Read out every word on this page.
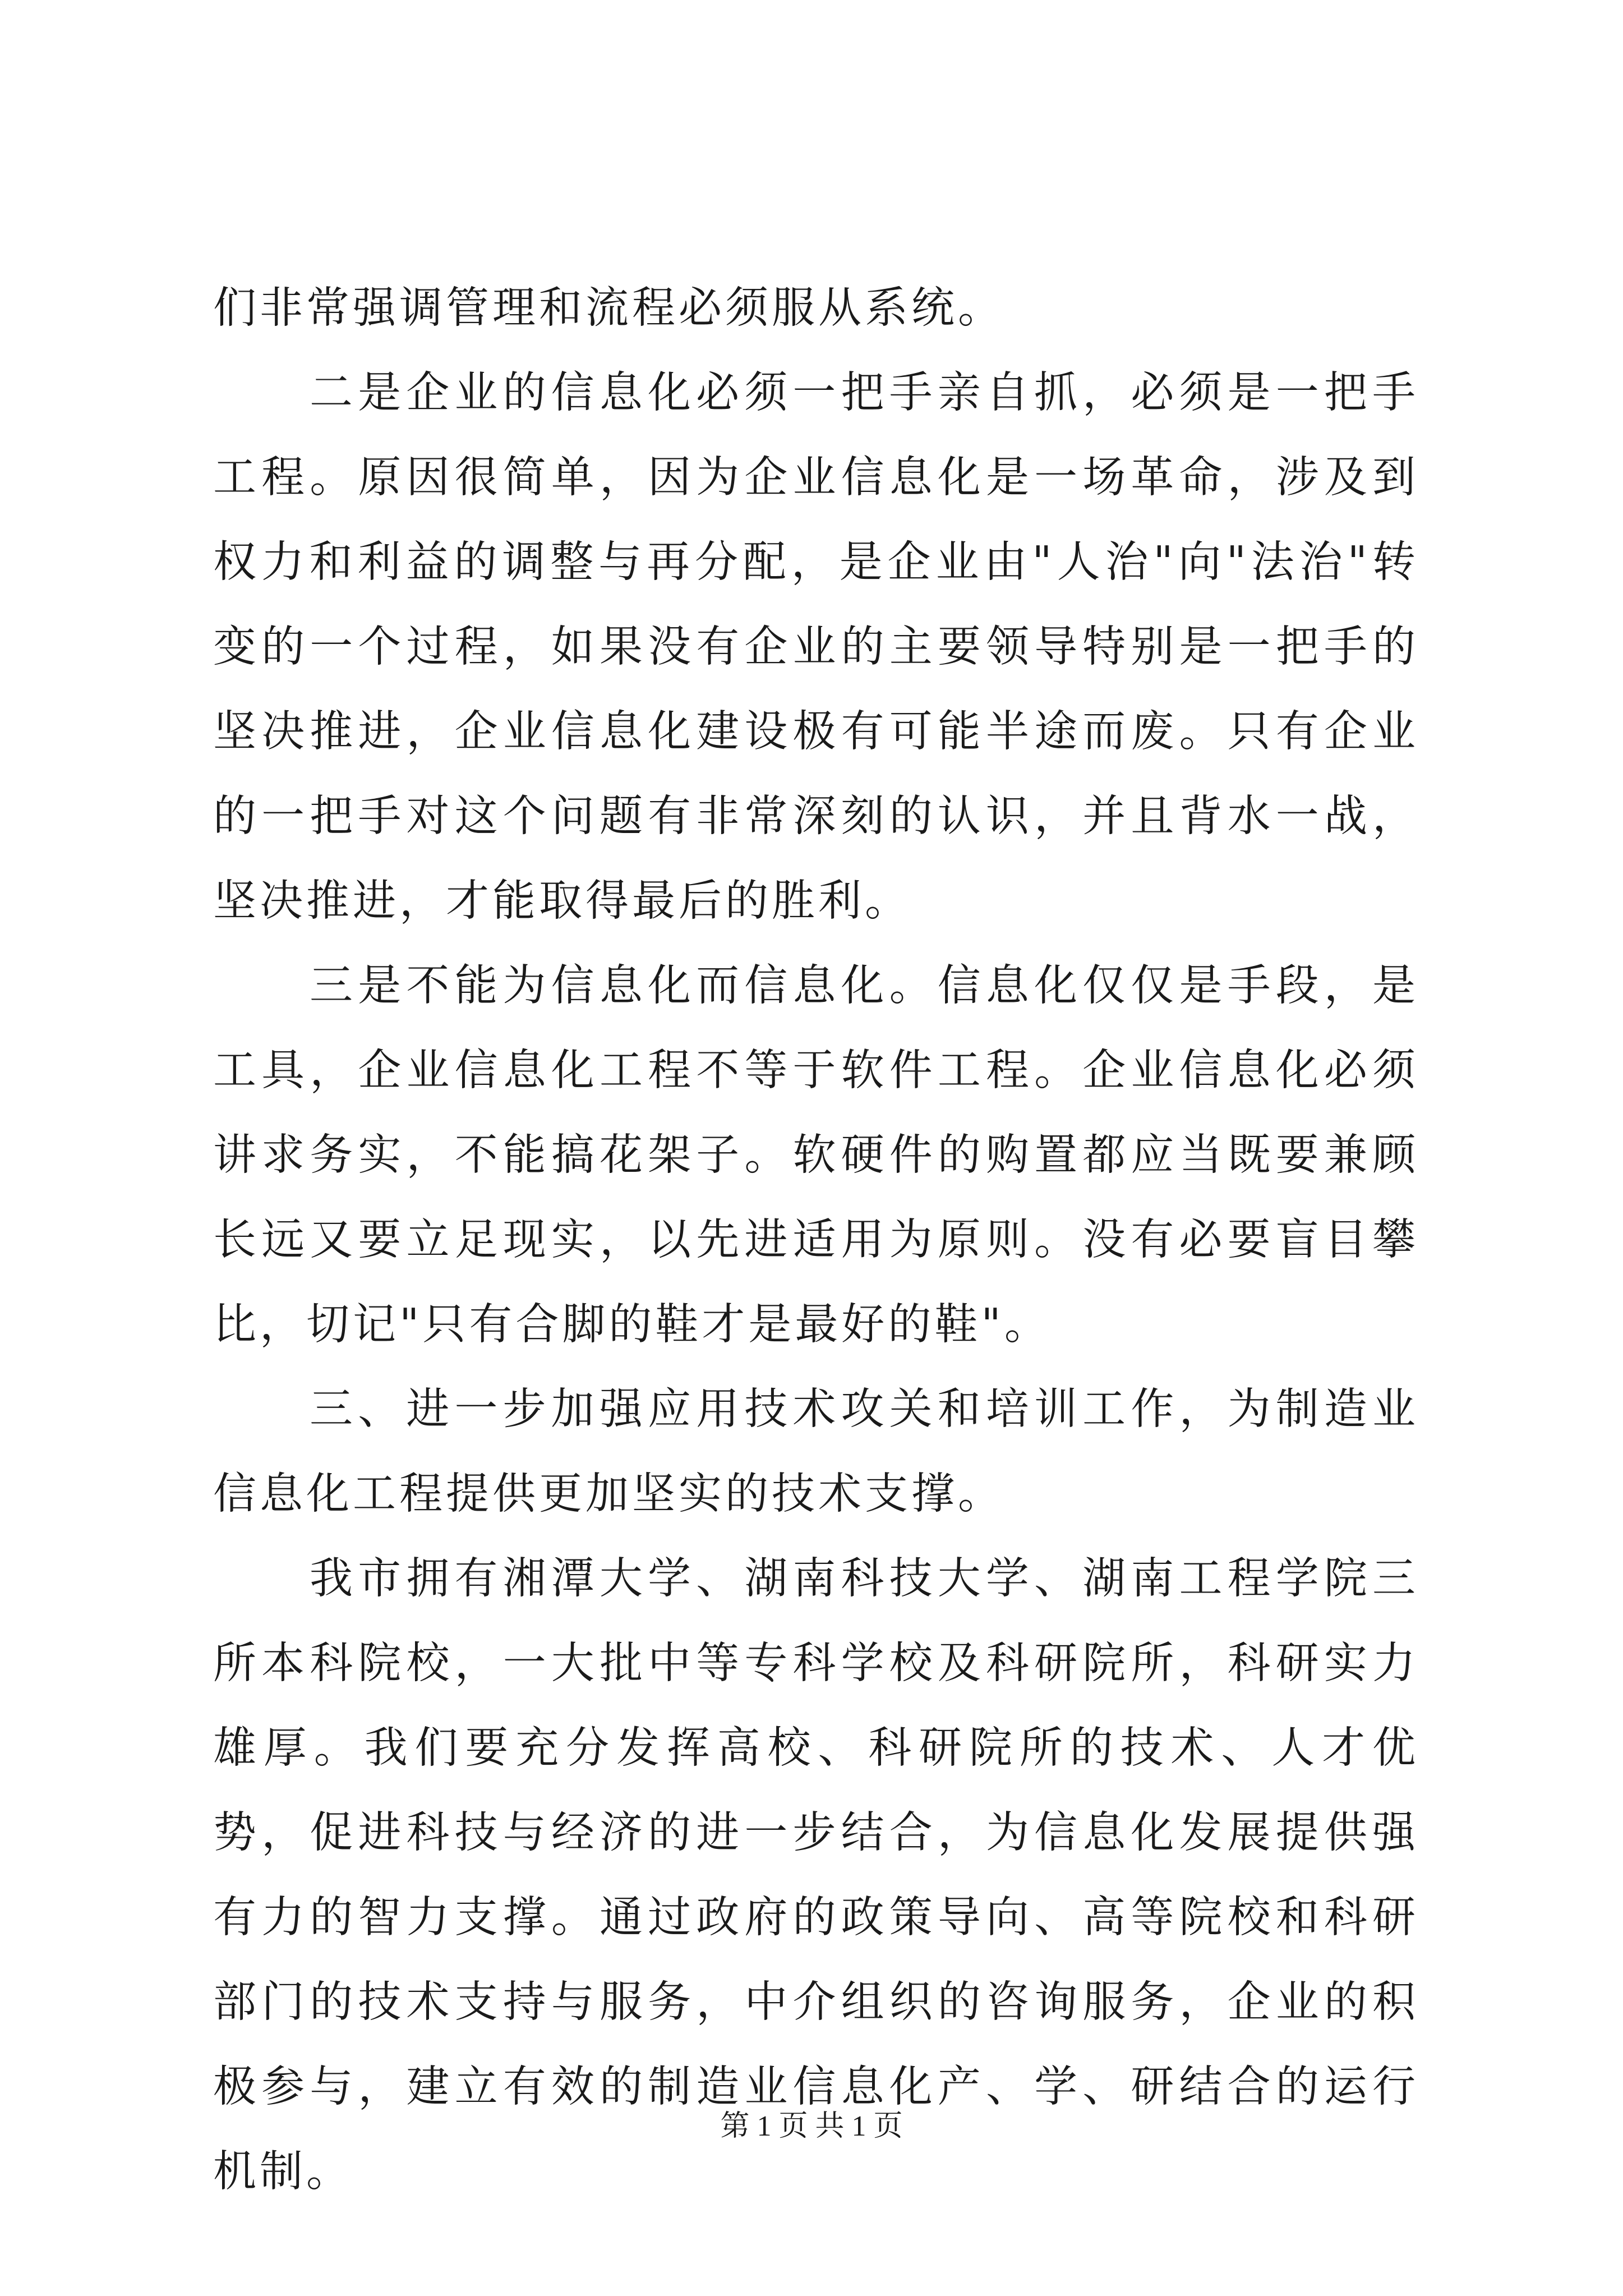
们非常强调管理和流程必须服从系统。

二是企业的信息化必须一把手亲自抓，必须是一把手工程。原因很简单，因为企业信息化是一场革命，涉及到权力和利益的调整与再分配，是企业由"人治"向"法治"转变的一个过程，如果没有企业的主要领导特别是一把手的坚决推进，企业信息化建设极有可能半途而废。只有企业的一把手对这个问题有非常深刻的认识，并且背水一战，坚决推进，才能取得最后的胜利。

三是不能为信息化而信息化。信息化仅仅是手段，是工具，企业信息化工程不等于软件工程。企业信息化必须讲求务实，不能搞花架子。软硬件的购置都应当既要兼顾长远又要立足现实，以先进适用为原则。没有必要盲目攀比，切记"只有合脚的鞋才是最好的鞋"。

三、进一步加强应用技术攻关和培训工作，为制造业信息化工程提供更加坚实的技术支撑。

我市拥有湘潭大学、湖南科技大学、湖南工程学院三所本科院校，一大批中等专科学校及科研院所，科研实力雄厚。我们要充分发挥高校、科研院所的技术、人才优势，促进科技与经济的进一步结合，为信息化发展提供强有力的智力支撑。通过政府的政策导向、高等院校和科研部门的技术支持与服务，中介组织的咨询服务，企业的积极参与，建立有效的制造业信息化产、学、研结合的运行机制。

第 1 页 共 1 页
